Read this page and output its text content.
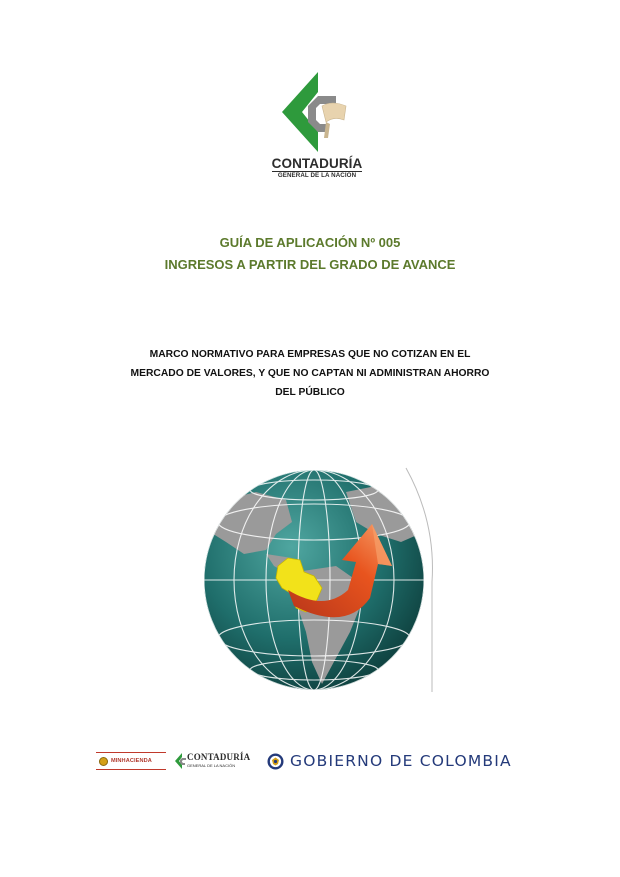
CONTADURÍA
GENERAL DE LA NACIÓN
GUÍA DE APLICACIÓN Nº 005
INGRESOS A PARTIR DEL GRADO DE AVANCE
MARCO NORMATIVO PARA EMPRESAS QUE NO COTIZAN EN EL
MERCADO DE VALORES, Y QUE NO CAPTAN NI ADMINISTRAN AHORRO
DEL PÚBLICO
MINHACIENDA	CONTADURÍA
GENERAL DE LA NACIÓN	GOBIERNO DE COLOMBIA
